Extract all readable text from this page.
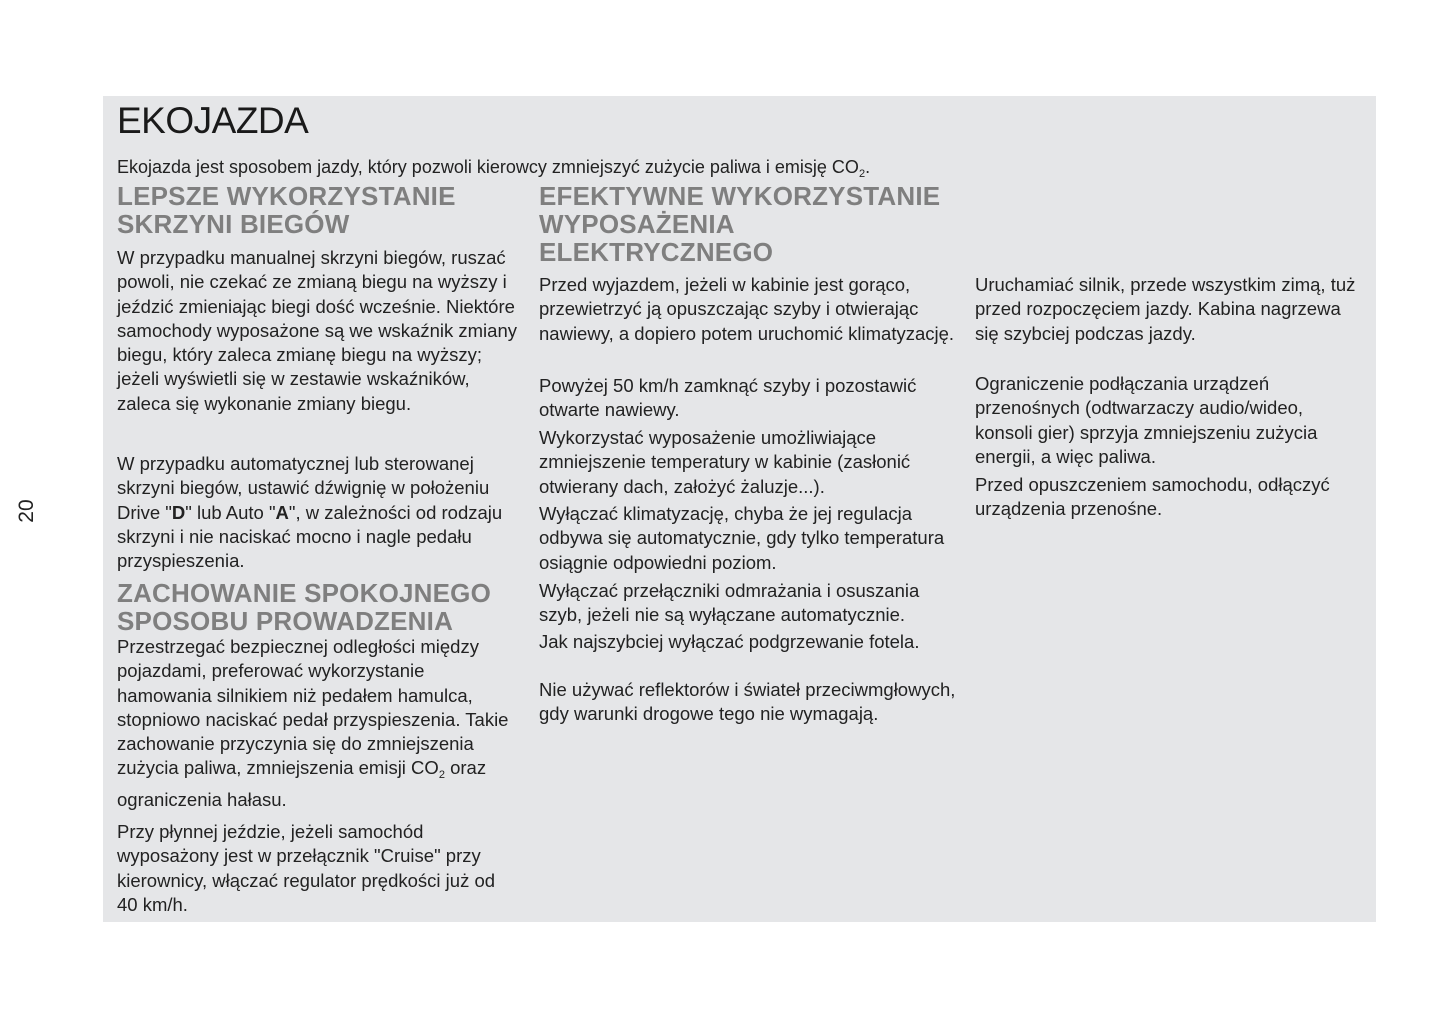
20
EKOJAZDA
Ekojazda jest sposobem jazdy, który pozwoli kierowcy zmniejszyć zużycie paliwa i emisję $CO_2$.
LEPSZE WYKORZYSTANIE
SKRZYNI BIEGÓW

W przypadku manualnej skrzyni biegów, ruszać powoli, nie czekać ze zmianą biegu na wyższy i jeździć zmieniając biegi dość wcześnie. Niektóre samochody wyposażone są we wskaźnik zmiany biegu, który zaleca zmianę biegu na wyższy; jeżeli wyświetli się w zestawie wskaźników, zaleca się wykonanie zmiany biegu.

W przypadku automatycznej lub sterowanej skrzyni biegów, ustawić dźwignię w położeniu Drive "D" lub Auto "A", w zależności od rodzaju skrzyni i nie naciskać mocno i nagle pedału przyspieszenia.

ZACHOWANIE SPOKOJNEGO
SPOSOBU PROWADZENIA

Przestrzegać bezpiecznej odległości między pojazdami, preferować wykorzystanie hamowania silnikiem niż pedałem hamulca, stopniowo naciskać pedał przyspieszenia. Takie zachowanie przyczynia się do zmniejszenia zużycia paliwa, zmniejszenia emisji $CO_2$ oraz ograniczenia hałasu.

Przy płynnej jeździe, jeżeli samochód wyposażony jest w przełącznik "Cruise" przy kierownicy, włączać regulator prędkości już od 40 km/h.

EFEKTYWNE WYKORZYSTANIE
WYPOSAŻENIA
ELEKTRYCZNEGO

Przed wyjazdem, jeżeli w kabinie jest gorąco, przewietrzyć ją opuszczając szyby i otwierając nawiewy, a dopiero potem uruchomić klimatyzację.

Powyżej 50 km/h zamknąć szyby i pozostawić otwarte nawiewy.

Wykorzystać wyposażenie umożliwiające zmniejszenie temperatury w kabinie (zasłonić otwierany dach, założyć żaluzje...).

Wyłączać klimatyzację, chyba że jej regulacja odbywa się automatycznie, gdy tylko temperatura osiągnie odpowiedni poziom.

Wyłączać przełączniki odmrażania i osuszania szyb, jeżeli nie są wyłączane automatycznie.

Jak najszybciej wyłączać podgrzewanie fotela.

Nie używać reflektorów i świateł przeciwmgłowych, gdy warunki drogowe tego nie wymagają.

Uruchamiać silnik, przede wszystkim zimą, tuż przed rozpoczęciem jazdy. Kabina nagrzewa się szybciej podczas jazdy.

Ograniczenie podłączania urządzeń przenośnych (odtwarzaczy audio/wideo, konsoli gier) sprzyja zmniejszeniu zużycia energii, a więc paliwa.

Przed opuszczeniem samochodu, odłączyć urządzenia przenośne.
